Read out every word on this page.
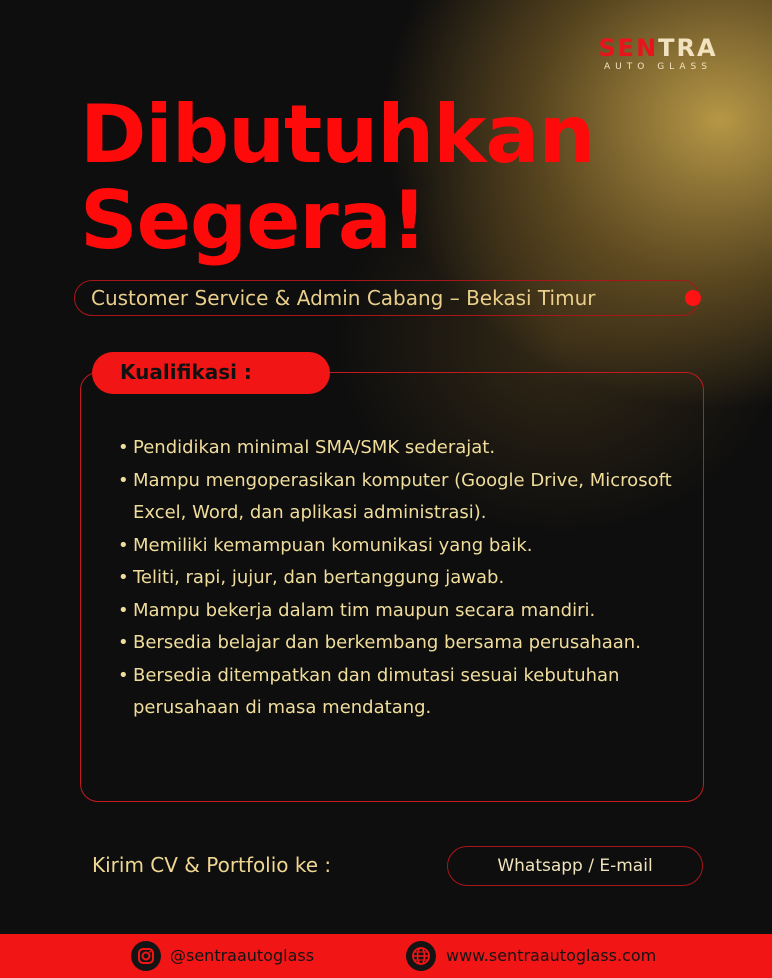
SENTRA
AUTO GLASS
Dibutuhkan
Segera!
Customer Service & Admin Cabang – Bekasi Timur
Kualifikasi :
• Pendidikan minimal SMA/SMK sederajat.
• Mampu mengoperasikan komputer (Google Drive, Microsoft Excel, Word, dan aplikasi administrasi).
• Memiliki kemampuan komunikasi yang baik.
• Teliti, rapi, jujur, dan bertanggung jawab.
• Mampu bekerja dalam tim maupun secara mandiri.
• Bersedia belajar dan berkembang bersama perusahaan.
• Bersedia ditempatkan dan dimutasi sesuai kebutuhan perusahaan di masa mendatang.
Kirim CV & Portfolio ke :	Whatsapp / E-mail
@sentraautoglass	www.sentraautoglass.com
